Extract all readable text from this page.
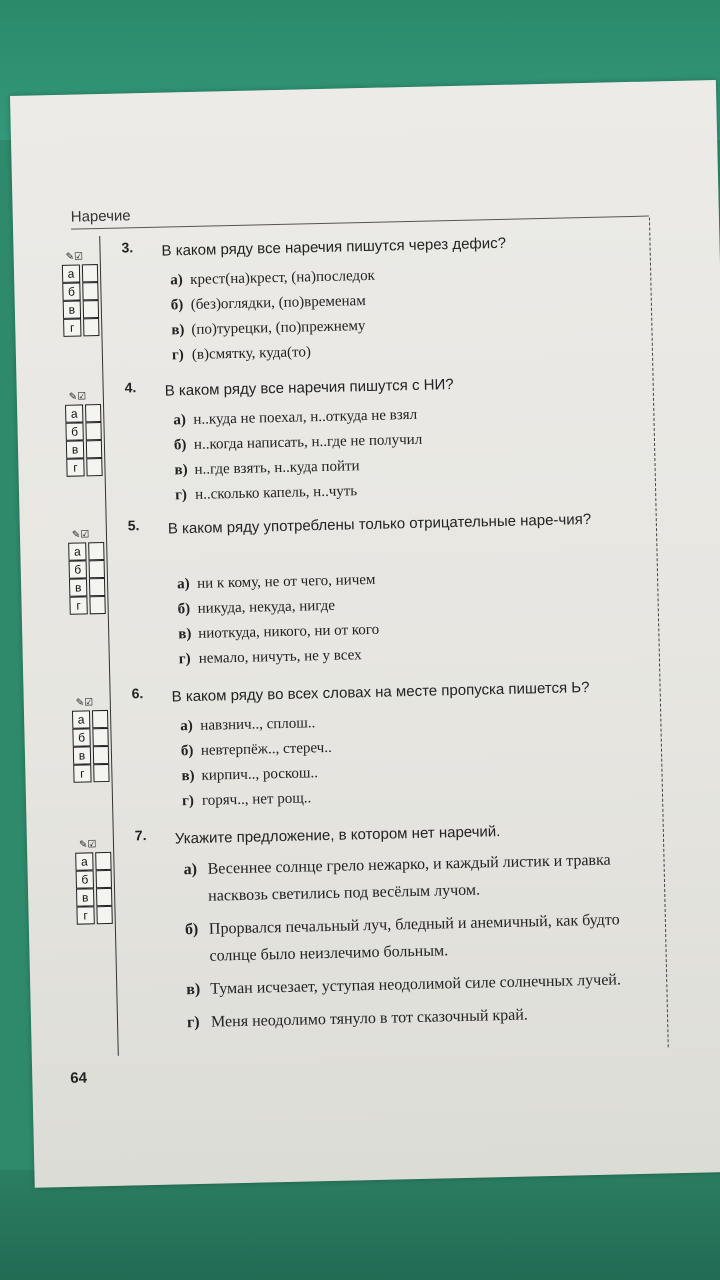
Наречие
✎☑
а
б
в
г
3. В каком ряду все наречия пишутся через дефис?
а) крест(на)крест, (на)последок
б) (без)оглядки, (по)временам
в) (по)турецки, (по)прежнему
г) (в)смятку, куда(то)
✎☑
а
б
в
г
4. В каком ряду все наречия пишутся с НИ?
а) н..куда не поехал, н..откуда не взял
б) н..когда написать, н..где не получил
в) н..где взять, н..куда пойти
г) н..сколько капель, н..чуть
✎☑
а
б
в
г
5. В каком ряду употреблены только отрицательные наре-чия?
а) ни к кому, не от чего, ничем
б) никуда, некуда, нигде
в) ниоткуда, никого, ни от кого
г) немало, ничуть, не у всех
✎☑
а
б
в
г
6. В каком ряду во всех словах на месте пропуска пишется Ь?
а) навзнич.., сплош..
б) невтерпёж.., стереч..
в) кирпич.., роскош..
г) горяч.., нет рощ..
✎☑
а
б
в
г
7. Укажите предложение, в котором нет наречий.
а) Весеннее солнце грело нежарко, и каждый листик и травка насквозь светились под весёлым лучом.
б) Прорвался печальный луч, бледный и анемичный, как будто солнце было неизлечимо больным.
в) Туман исчезает, уступая неодолимой силе солнечных лучей.
г) Меня неодолимо тянуло в тот сказочный край.
64
